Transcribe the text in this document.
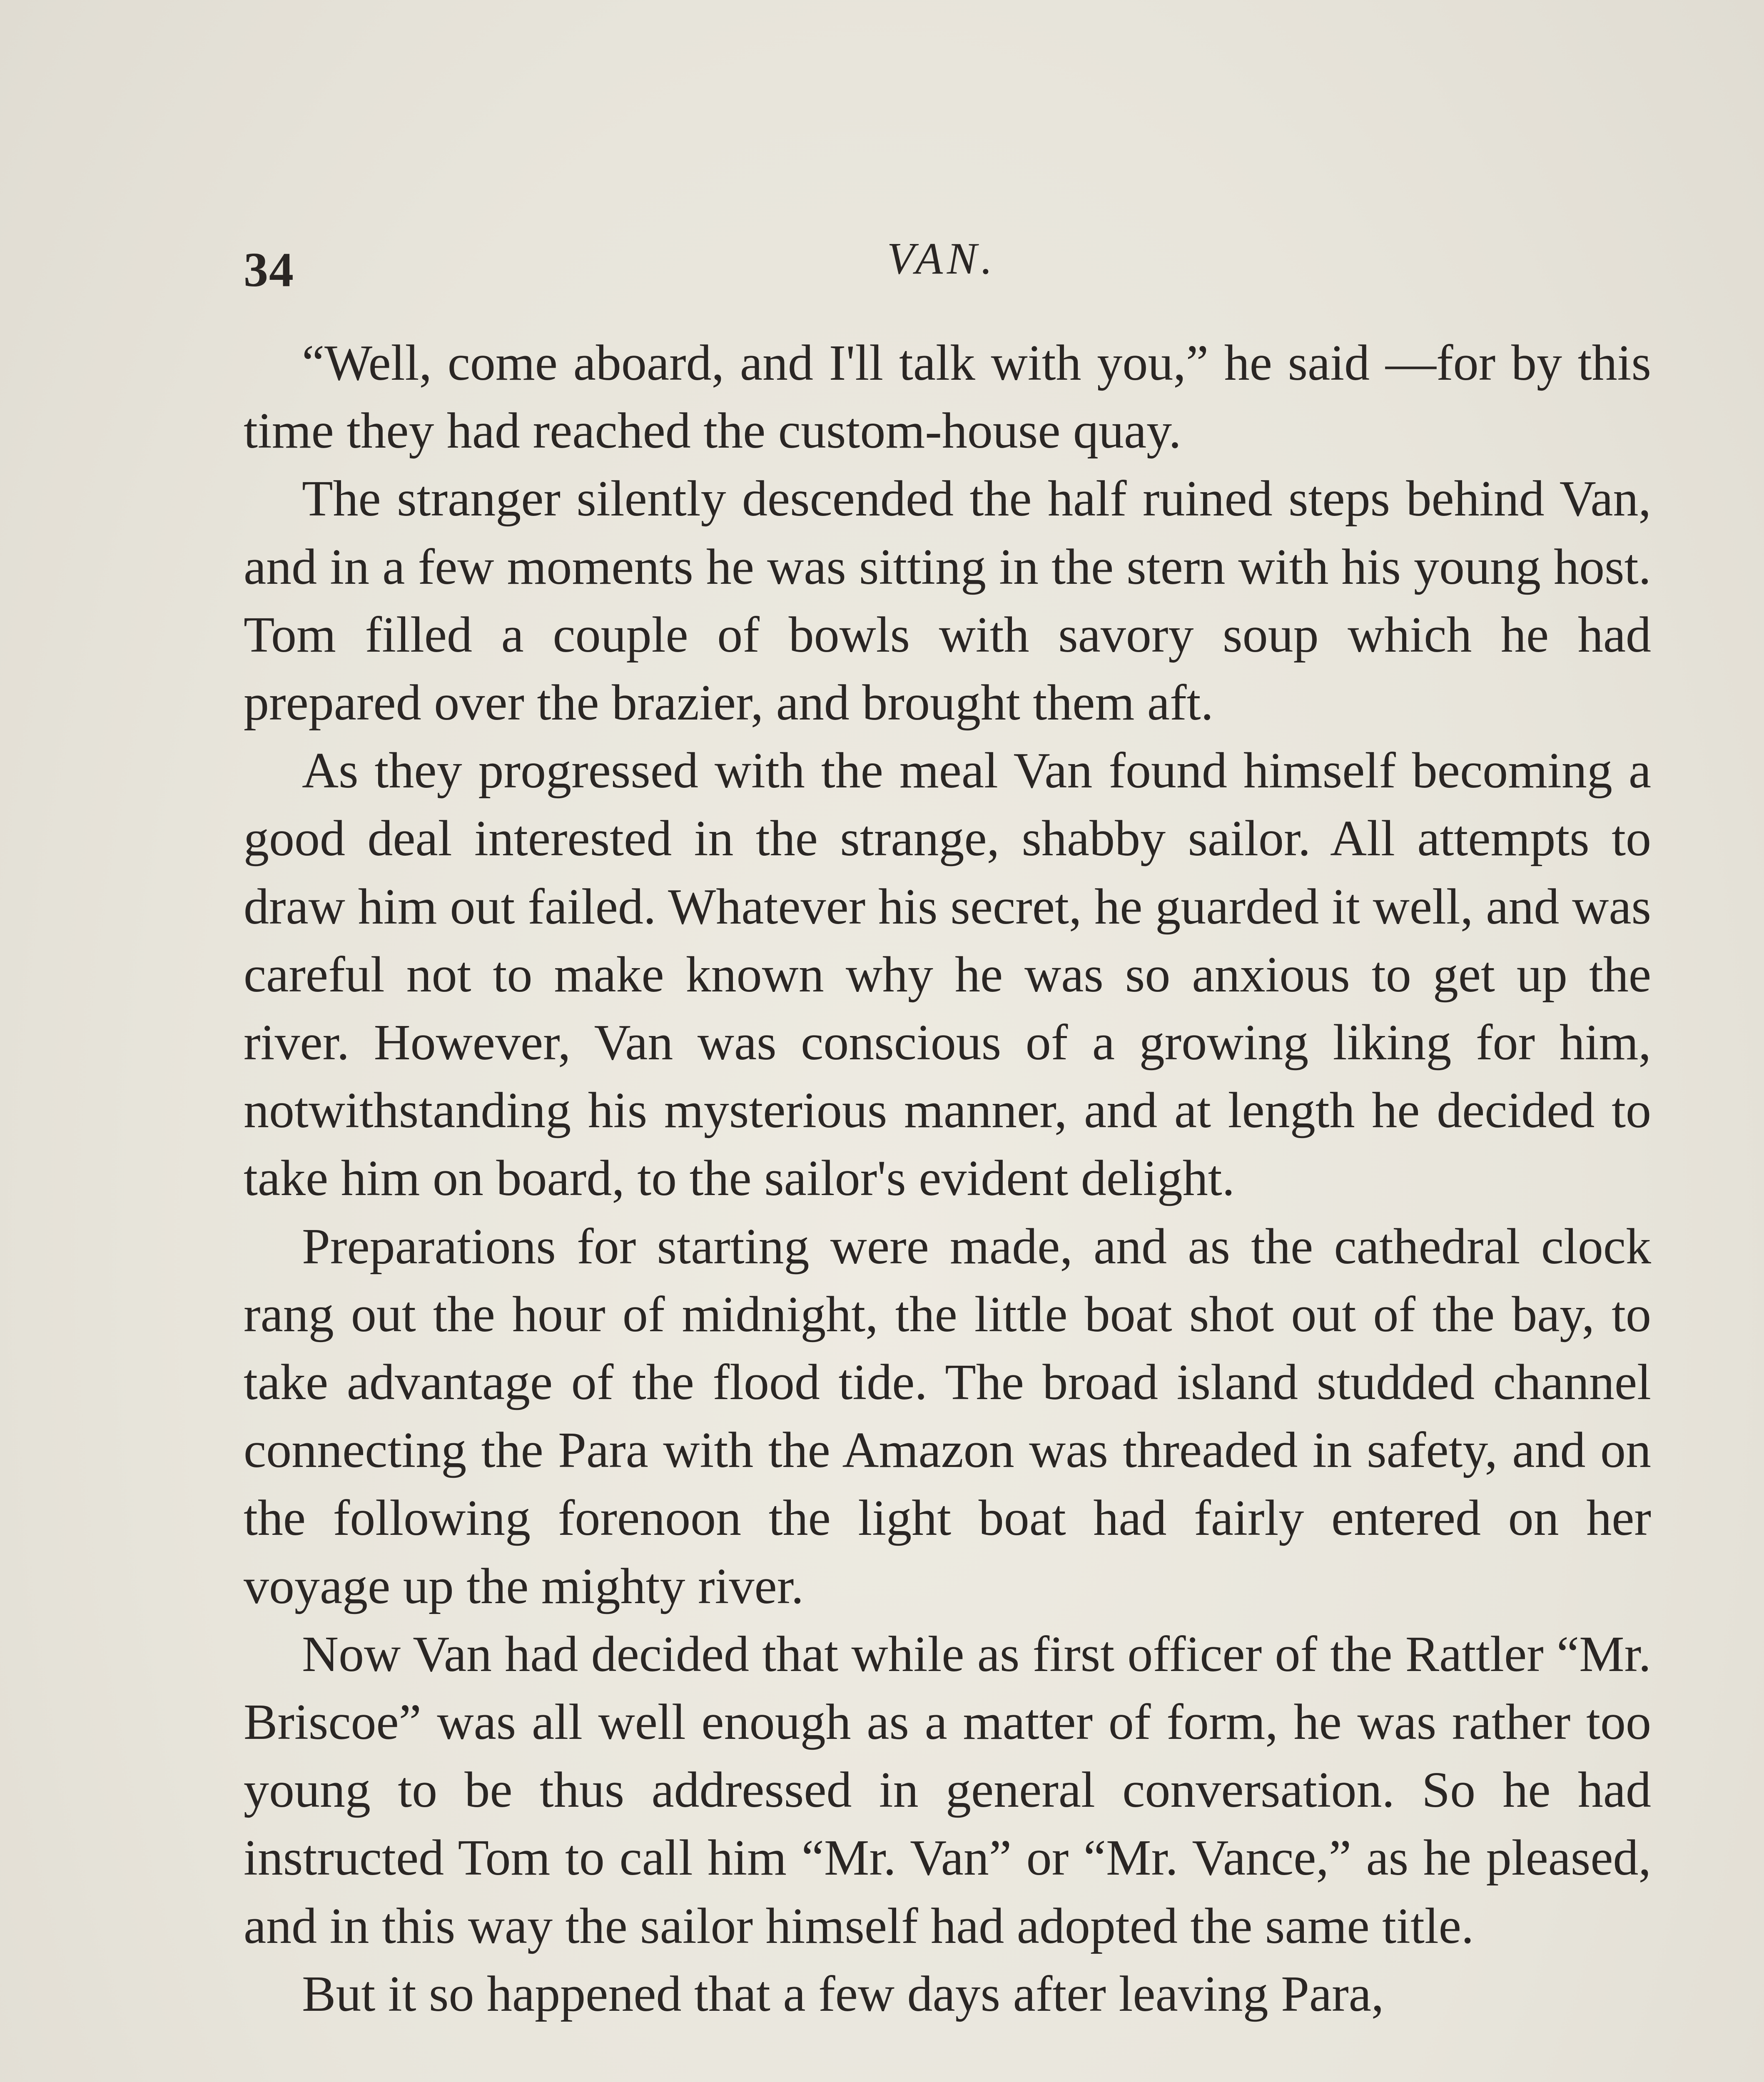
34	VAN.

“Well, come aboard, and I'll talk with you,” he said —for by this time they had reached the custom-house quay.

The stranger silently descended the half ruined steps behind Van, and in a few moments he was sitting in the stern with his young host. Tom filled a couple of bowls with savory soup which he had prepared over the brazier, and brought them aft.

As they progressed with the meal Van found himself becoming a good deal interested in the strange, shabby sailor. All attempts to draw him out failed. Whatever his secret, he guarded it well, and was careful not to make known why he was so anxious to get up the river. However, Van was conscious of a growing liking for him, notwithstanding his mysterious manner, and at length he decided to take him on board, to the sailor's evident delight.

Preparations for starting were made, and as the cathedral clock rang out the hour of midnight, the little boat shot out of the bay, to take advantage of the flood tide. The broad island studded channel connecting the Para with the Amazon was threaded in safety, and on the following forenoon the light boat had fairly entered on her voyage up the mighty river.

Now Van had decided that while as first officer of the Rattler “Mr. Briscoe” was all well enough as a matter of form, he was rather too young to be thus addressed in general conversation. So he had instructed Tom to call him “Mr. Van” or “Mr. Vance,” as he pleased, and in this way the sailor himself had adopted the same title.

But it so happened that a few days after leaving Para,
